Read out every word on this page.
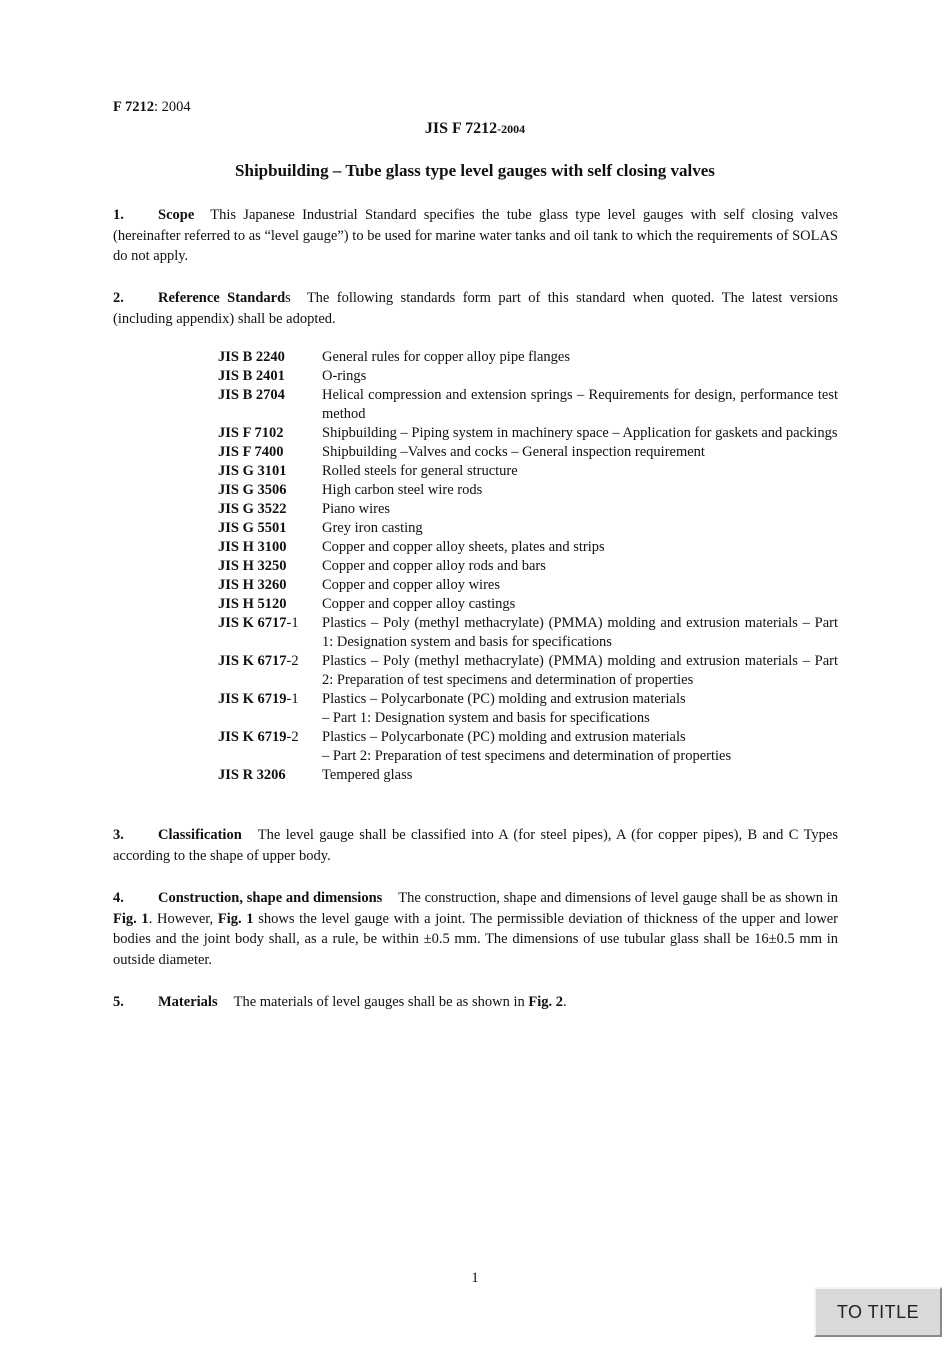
F 7212: 2004
JIS F 7212-2004
Shipbuilding – Tube glass type level gauges with self closing valves

1. Scope This Japanese Industrial Standard specifies the tube glass type level gauges with self closing valves (hereinafter referred to as “level gauge”) to be used for marine water tanks and oil tank to which the requirements of SOLAS do not apply.

2. Reference Standards The following standards form part of this standard when quoted. The latest versions (including appendix) shall be adopted.

JIS B 2240	General rules for copper alloy pipe flanges
JIS B 2401	O-rings
JIS B 2704	Helical compression and extension springs – Requirements for design, performance test method
JIS F 7102	Shipbuilding – Piping system in machinery space – Application for gaskets and packings
JIS F 7400	Shipbuilding –Valves and cocks – General inspection requirement
JIS G 3101	Rolled steels for general structure
JIS G 3506	High carbon steel wire rods
JIS G 3522	Piano wires
JIS G 5501	Grey iron casting
JIS H 3100	Copper and copper alloy sheets, plates and strips
JIS H 3250	Copper and copper alloy rods and bars
JIS H 3260	Copper and copper alloy wires
JIS H 5120	Copper and copper alloy castings
JIS K 6717-1	Plastics – Poly (methyl methacrylate) (PMMA) molding and extrusion materials – Part 1: Designation system and basis for specifications
JIS K 6717-2	Plastics – Poly (methyl methacrylate) (PMMA) molding and extrusion materials – Part 2: Preparation of test specimens and determination of properties
JIS K 6719-1	Plastics – Polycarbonate (PC) molding and extrusion materials
– Part 1: Designation system and basis for specifications

JIS K 6719-2	Plastics – Polycarbonate (PC) molding and extrusion materials
– Part 2: Preparation of test specimens and determination of properties

JIS R 3206	Tempered glass

3. Classification The level gauge shall be classified into A (for steel pipes), A (for copper pipes), B and C Types according to the shape of upper body.

4. Construction, shape and dimensions The construction, shape and dimensions of level gauge shall be as shown in Fig. 1. However, Fig. 1 shows the level gauge with a joint. The permissible deviation of thickness of the upper and lower bodies and the joint body shall, as a rule, be within ±0.5 mm. The dimensions of use tubular glass shall be 16±0.5 mm in outside diameter.

5. Materials The materials of level gauges shall be as shown in Fig. 2.

1
TO TITLE
